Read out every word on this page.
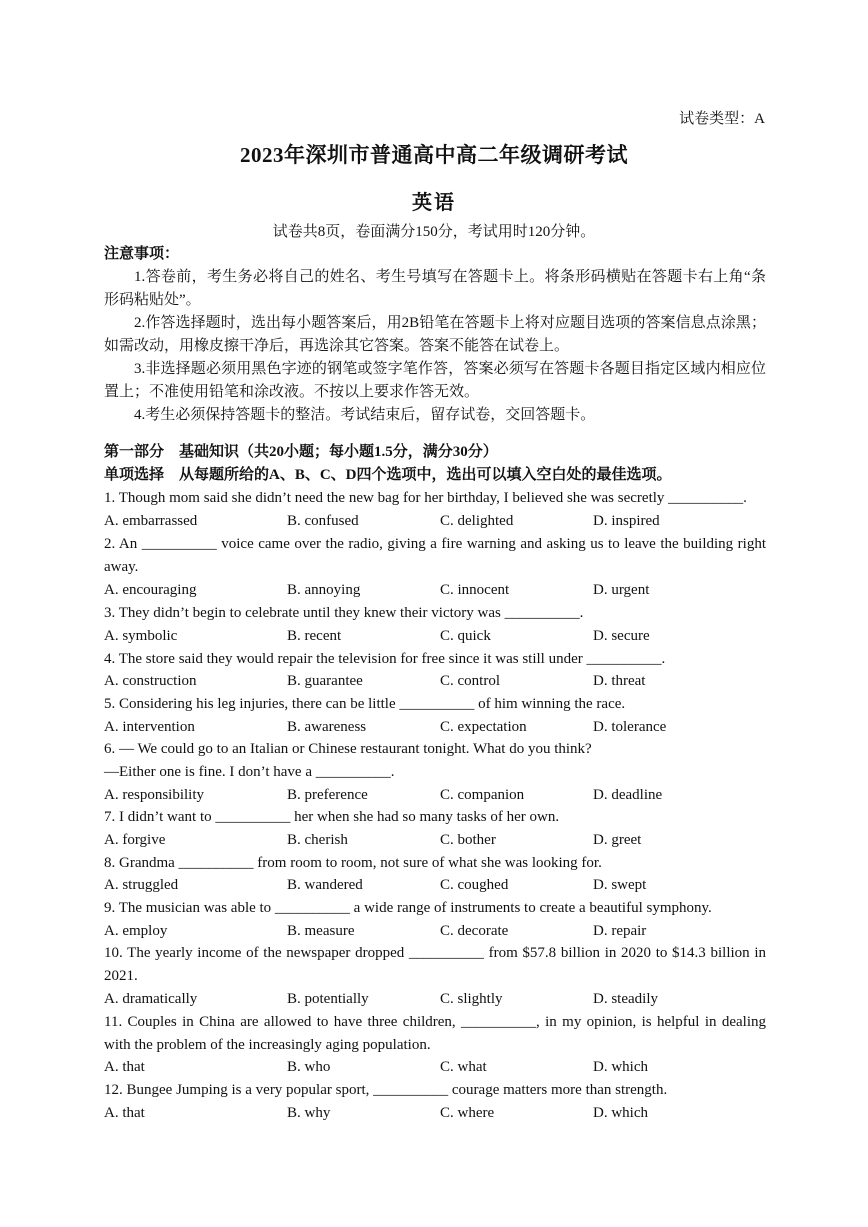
试卷类型：A
2023年深圳市普通高中高二年级调研考试
英语
试卷共8页，卷面满分150分，考试用时120分钟。
注意事项：
1.答卷前，考生务必将自己的姓名、考生号填写在答题卡上。将条形码横贴在答题卡右上角“条形码粘贴处”。
2.作答选择题时，选出每小题答案后，用2B铅笔在答题卡上将对应题目选项的答案信息点涂黑；如需改动，用橡皮擦干净后，再选涂其它答案。答案不能答在试卷上。
3.非选择题必须用黑色字迹的钢笔或签字笔作答，答案必须写在答题卡各题目指定区域内相应位置上；不准使用铅笔和涂改液。不按以上要求作答无效。
4.考生必须保持答题卡的整洁。考试结束后，留存试卷，交回答题卡。
第一部分　基础知识（共20小题；每小题1.5分，满分30分）
单项选择　从每题所给的A、B、C、D四个选项中，选出可以填入空白处的最佳选项。
1. Though mom said she didn’t need the new bag for her birthday, I believed she was secretly __________.
A. embarrassed	B. confused	C. delighted	D. inspired
2. An __________ voice came over the radio, giving a fire warning and asking us to leave the building right away.
A. encouraging	B. annoying	C. innocent	D. urgent
3. They didn’t begin to celebrate until they knew their victory was __________.
A. symbolic	B. recent	C. quick	D. secure
4. The store said they would repair the television for free since it was still under __________.
A. construction	B. guarantee	C. control	D. threat
5. Considering his leg injuries, there can be little __________ of him winning the race.
A. intervention	B. awareness	C. expectation	D. tolerance
6. — We could go to an Italian or Chinese restaurant tonight. What do you think?
—Either one is fine. I don’t have a __________.
A. responsibility	B. preference	C. companion	D. deadline
7. I didn’t want to __________ her when she had so many tasks of her own.
A. forgive	B. cherish	C. bother	D. greet
8. Grandma __________ from room to room, not sure of what she was looking for.
A. struggled	B. wandered	C. coughed	D. swept
9. The musician was able to __________ a wide range of instruments to create a beautiful symphony.
A. employ	B. measure	C. decorate	D. repair
10. The yearly income of the newspaper dropped __________ from $57.8 billion in 2020 to $14.3 billion in 2021.
A. dramatically	B. potentially	C. slightly	D. steadily
11. Couples in China are allowed to have three children, __________, in my opinion, is helpful in dealing with the problem of the increasingly aging population.
A. that	B. who	C. what	D. which
12. Bungee Jumping is a very popular sport, __________ courage matters more than strength.
A. that	B. why	C. where	D. which
